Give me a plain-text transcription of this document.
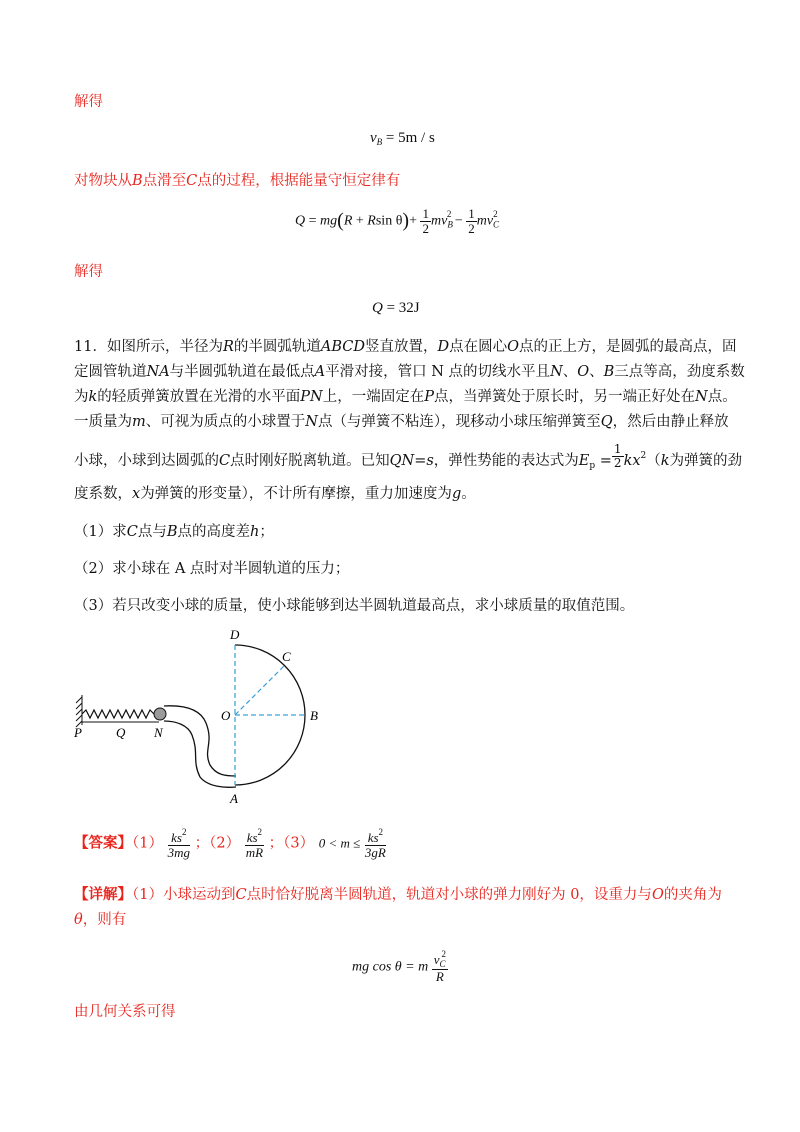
解得
$v_B = 5m / s$
对物块从B点滑至C点的过程，根据能量守恒定律有
Q = mg(R + Rsin $\theta)+ \frac{1}{2} mv_B^2 - \frac{1}{2} mv_C^2$
解得
Q = 32J
11．如图所示，半径为R的半圆弧轨道ABCD竖直放置，D点在圆心O点的正上方，是圆弧的最高点，固
定圆管轨道NA与半圆弧轨道在最低点A平滑对接，管口 N 点的切线水平且N、O、B三点等高，劲度系数
为k的轻质弹簧放置在光滑的水平面PN上，一端固定在P点，当弹簧处于原长时，另一端正好处在N点。
一质量为m、可视为质点的小球置于N点（与弹簧不粘连），现移动小球压缩弹簧至Q，然后由静止释放
小球，小球到达圆弧的C点时刚好脱离轨道。已知QN=s，弹性势能的表达式为$E_p = \frac{1}{2} kx^2(k$为弹簧的劲
度系数，x为弹簧的形变量），不计所有摩擦，重力加速度为g。
（1）求C点与B点的高度差h；
（2）求小球在 A 点时对半圆轨道的压力；
（3）若只改变小球的质量，使小球能够到达半圆轨道最高点，求小球质量的取值范围。
D
C
O	B
P	Q N
A
【答案】$(1) \frac{ks^2}{3mg}$ ；$(2) \frac{ks^2}{mR}$ ；（3） $0 < m \le \frac{ks^2}{3gR}$
【详解】（1）小球运动到C点时恰好脱离半圆轨道，轨道对小球的弹力刚好为 0，设重力与O的夹角为
θ，则有
mg cos θ = m $\frac{v_C^2}{R}$
由几何关系可得
